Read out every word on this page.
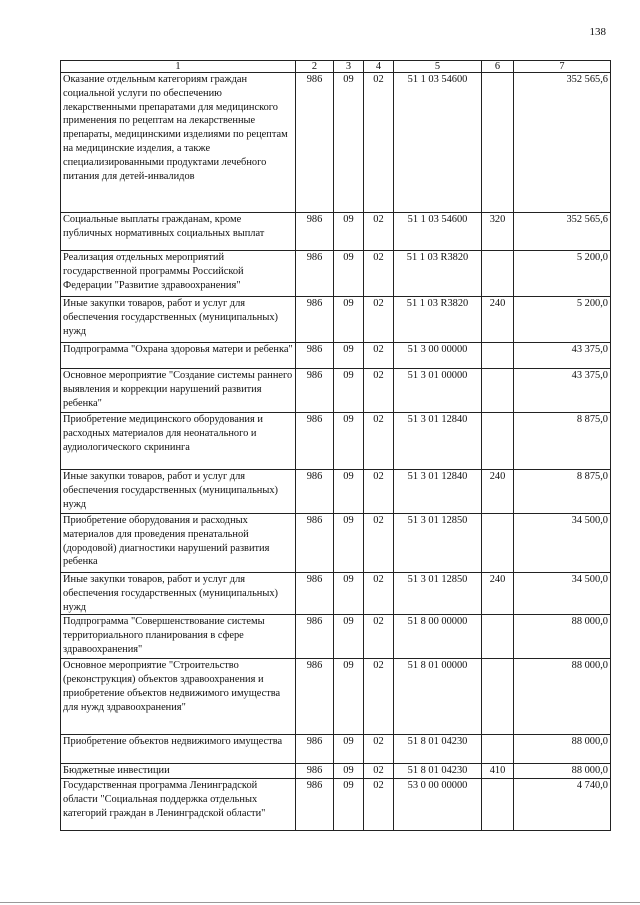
138
1	2	3	4	5	6	7
Оказание отдельным категориям граждан социальной услуги по обеспечению лекарственными препаратами для медицинского применения по рецептам на лекарственные препараты, медицинскими изделиями по рецептам на медицинские изделия, а также специализированными продуктами лечебного питания для детей-инвалидов	986	09	02	51 1 03 54600		352 565,6
Социальные выплаты гражданам, кроме публичных нормативных социальных выплат	986	09	02	51 1 03 54600	320	352 565,6
Реализация отдельных мероприятий государственной программы Российской Федерации "Развитие здравоохранения"	986	09	02	51 1 03 R3820		5 200,0
Иные закупки товаров, работ и услуг для обеспечения государственных (муниципальных) нужд	986	09	02	51 1 03 R3820	240	5 200,0
Подпрограмма "Охрана здоровья матери и ребенка"	986	09	02	51 3 00 00000		43 375,0
Основное мероприятие "Создание системы раннего выявления и коррекции нарушений развития ребенка"	986	09	02	51 3 01 00000		43 375,0
Приобретение медицинского оборудования и расходных материалов для неонатального и аудиологического скрининга	986	09	02	51 3 01 12840		8 875,0
Иные закупки товаров, работ и услуг для обеспечения государственных (муниципальных) нужд	986	09	02	51 3 01 12840	240	8 875,0
Приобретение оборудования и расходных материалов для проведения пренатальной (дородовой) диагностики нарушений развития ребенка	986	09	02	51 3 01 12850		34 500,0
Иные закупки товаров, работ и услуг для обеспечения государственных (муниципальных) нужд	986	09	02	51 3 01 12850	240	34 500,0
Подпрограмма "Совершенствование системы территориального планирования в сфере здравоохранения"	986	09	02	51 8 00 00000		88 000,0
Основное мероприятие "Строительство (реконструкция) объектов здравоохранения и приобретение объектов недвижимого имущества для нужд здравоохранения"	986	09	02	51 8 01 00000		88 000,0
Приобретение объектов недвижимого имущества	986	09	02	51 8 01 04230		88 000,0
Бюджетные инвестиции	986	09	02	51 8 01 04230	410	88 000,0
Государственная программа Ленинградской области "Социальная поддержка отдельных категорий граждан в Ленинградской области"	986	09	02	53 0 00 00000		4 740,0
